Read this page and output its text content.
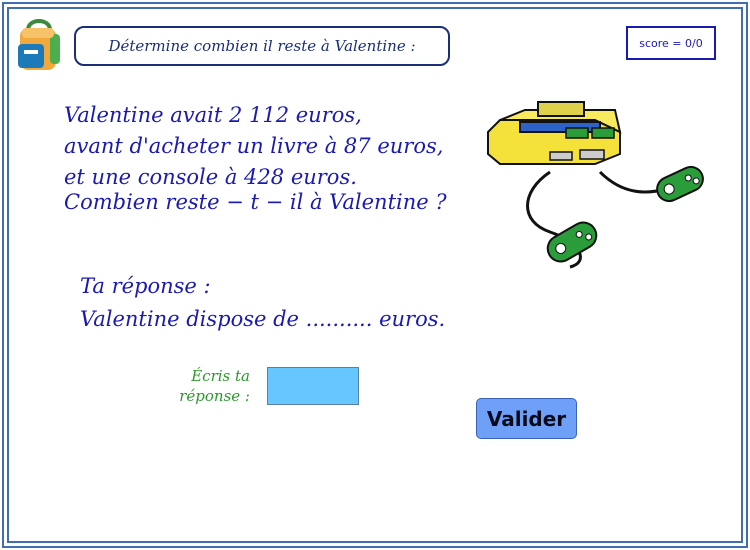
Détermine combien il reste à Valentine :	score = 0/0
Valentine avait 2 112 euros,
avant d'acheter un livre à 87 euros,
et une console à 428 euros.
Combien reste − t − il à Valentine ?
Ta réponse :
Valentine dispose de .......... euros.
Écris ta
réponse :
Valider
